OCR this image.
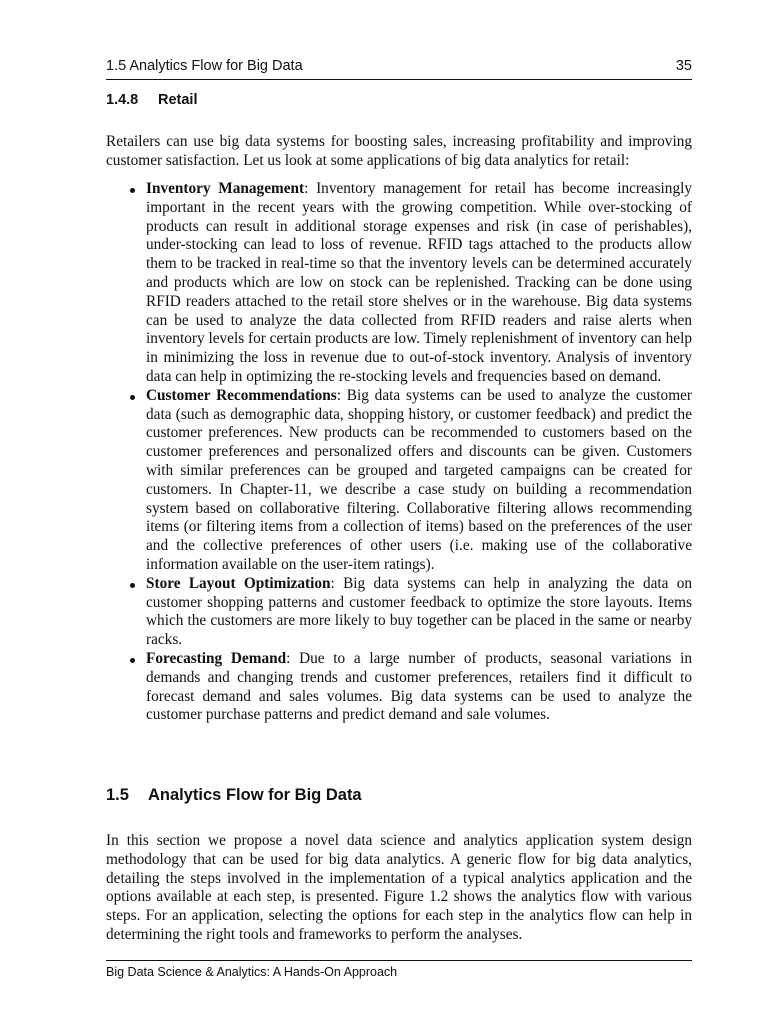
1.5 Analytics Flow for Big Data	35
1.4.8 Retail

Retailers can use big data systems for boosting sales, increasing profitability and improving customer satisfaction. Let us look at some applications of big data analytics for retail:

Inventory Management: Inventory management for retail has become increasingly important in the recent years with the growing competition. While over-stocking of products can result in additional storage expenses and risk (in case of perishables), under-stocking can lead to loss of revenue. RFID tags attached to the products allow them to be tracked in real-time so that the inventory levels can be determined accurately and products which are low on stock can be replenished. Tracking can be done using RFID readers attached to the retail store shelves or in the warehouse. Big data systems can be used to analyze the data collected from RFID readers and raise alerts when inventory levels for certain products are low. Timely replenishment of inventory can help in minimizing the loss in revenue due to out-of-stock inventory. Analysis of inventory data can help in optimizing the re-stocking levels and frequencies based on demand.
Customer Recommendations: Big data systems can be used to analyze the customer data (such as demographic data, shopping history, or customer feedback) and predict the customer preferences. New products can be recommended to customers based on the customer preferences and personalized offers and discounts can be given. Customers with similar preferences can be grouped and targeted campaigns can be created for customers. In Chapter-11, we describe a case study on building a recommendation system based on collaborative filtering. Collaborative filtering allows recommending items (or filtering items from a collection of items) based on the preferences of the user and the collective preferences of other users (i.e. making use of the collaborative information available on the user-item ratings).
Store Layout Optimization: Big data systems can help in analyzing the data on customer shopping patterns and customer feedback to optimize the store layouts. Items which the customers are more likely to buy together can be placed in the same or nearby racks.
Forecasting Demand: Due to a large number of products, seasonal variations in demands and changing trends and customer preferences, retailers find it difficult to forecast demand and sales volumes. Big data systems can be used to analyze the customer purchase patterns and predict demand and sale volumes.
1.5 Analytics Flow for Big Data

In this section we propose a novel data science and analytics application system design methodology that can be used for big data analytics. A generic flow for big data analytics, detailing the steps involved in the implementation of a typical analytics application and the options available at each step, is presented. Figure 1.2 shows the analytics flow with various steps. For an application, selecting the options for each step in the analytics flow can help in determining the right tools and frameworks to perform the analyses.

Big Data Science & Analytics: A Hands-On Approach
